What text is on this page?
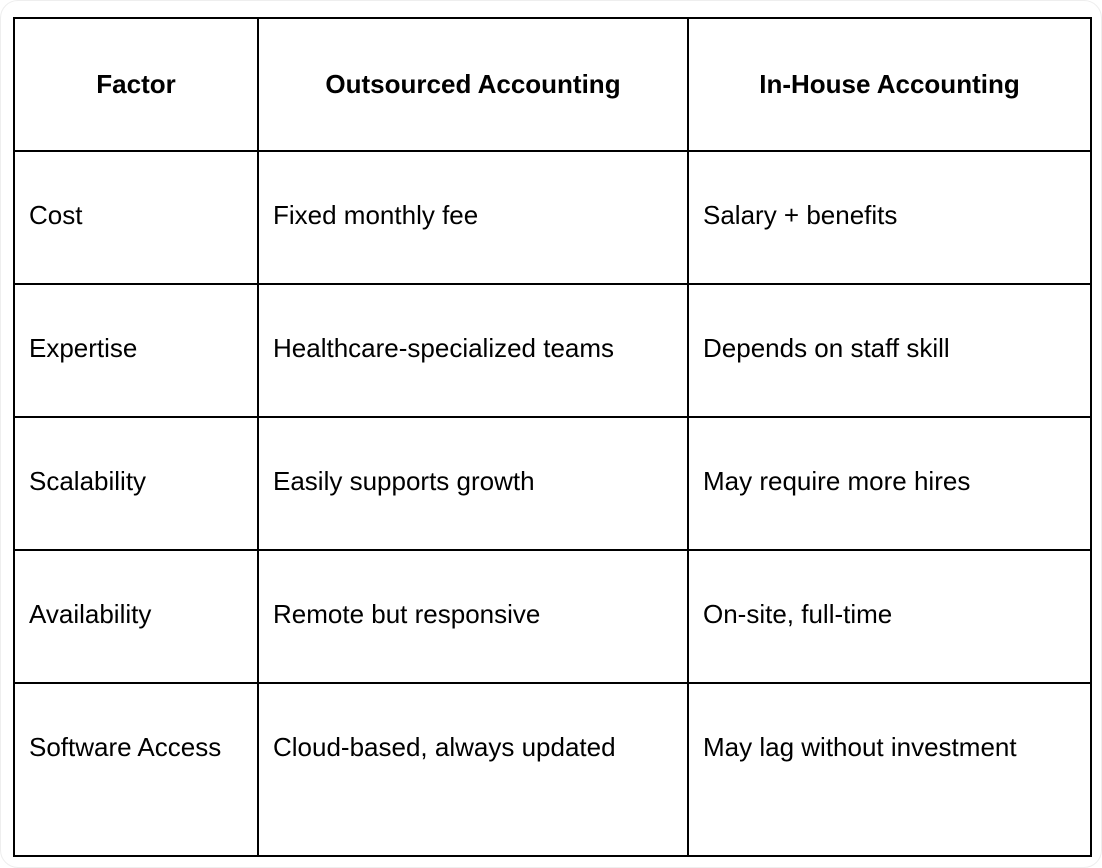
Factor	Outsourced Accounting	In-House Accounting
Cost	Fixed monthly fee	Salary + benefits
Expertise	Healthcare-specialized teams	Depends on staff skill
Scalability	Easily supports growth	May require more hires
Availability	Remote but responsive	On-site, full-time
Software Access	Cloud-based, always updated	May lag without investment
